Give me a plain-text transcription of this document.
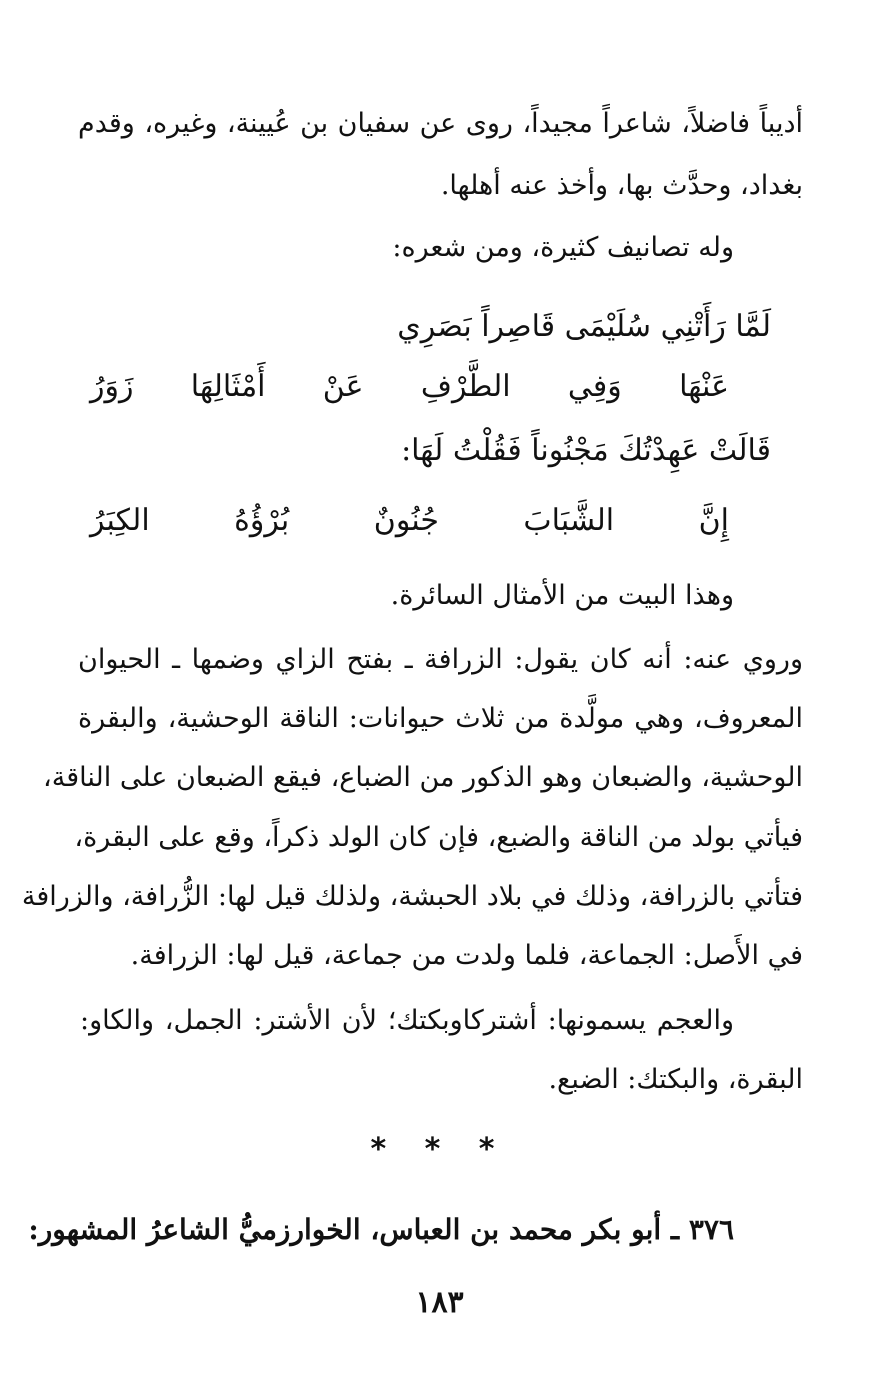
أديباً فاضلاً، شاعراً مجيداً، روى عن سفيان بن عُيينة، وغيره، وقدم
بغداد، وحدَّث بها، وأخذ عنه أهلها.
وله تصانيف كثيرة، ومن شعره:
لَمَّا رَأَتْنِي سُلَيْمَى قَاصِراً بَصَرِي
عَنْهَا وَفِي الطَّرْفِ عَنْ أَمْثَالِهَا زَوَرُ
قَالَتْ عَهِدْتُكَ مَجْنُوناً فَقُلْتُ لَهَا:
إِنَّ الشَّبَابَ جُنُونٌ بُرْؤُهُ الكِبَرُ
وهذا البيت من الأمثال السائرة.
وروي عنه: أنه كان يقول: الزرافة ـ بفتح الزاي وضمها ـ الحيوان
المعروف، وهي مولَّدة من ثلاث حيوانات: الناقة الوحشية، والبقرة
الوحشية، والضبعان وهو الذكور من الضباع، فيقع الضبعان على الناقة،
فيأتي بولد من الناقة والضبع، فإن كان الولد ذكراً، وقع على البقرة،
فتأتي بالزرافة، وذلك في بلاد الحبشة، ولذلك قيل لها: الزُّرافة، والزرافة
في الأَصل: الجماعة، فلما ولدت من جماعة، قيل لها: الزرافة.
والعجم يسمونها: أشتركاوبكتك؛ لأن الأشتر: الجمل، والكاو:
البقرة، والبكتك: الضبع.
* * *
٣٧٦ ـ أبو بكر محمد بن العباس، الخوارزميُّ الشاعرُ المشهور:
١٨٣
